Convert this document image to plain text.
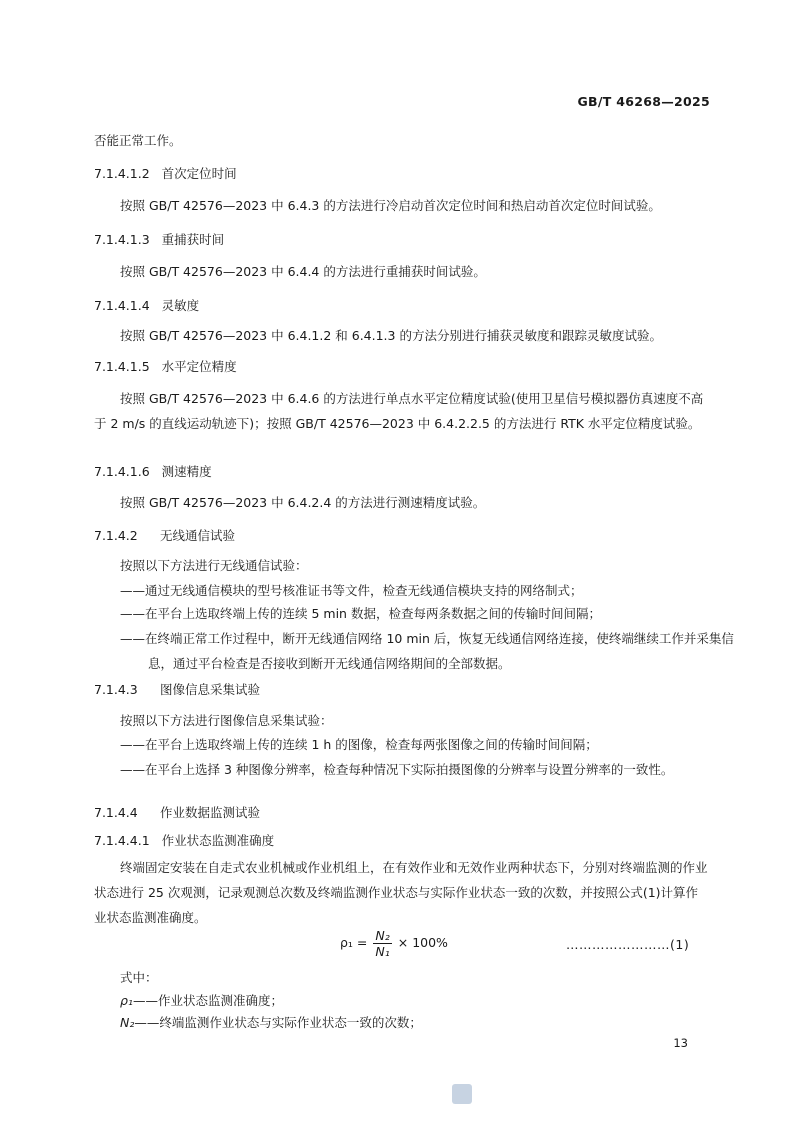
GB/T 46268—2025

否能正常工作。

7.1.4.1.2 首次定位时间

按照 GB/T 42576—2023 中 6.4.3 的方法进行冷启动首次定位时间和热启动首次定位时间试验。

7.1.4.1.3 重捕获时间

按照 GB/T 42576—2023 中 6.4.4 的方法进行重捕获时间试验。

7.1.4.1.4 灵敏度

按照 GB/T 42576—2023 中 6.4.1.2 和 6.4.1.3 的方法分别进行捕获灵敏度和跟踪灵敏度试验。

7.1.4.1.5 水平定位精度

按照 GB/T 42576—2023 中 6.4.6 的方法进行单点水平定位精度试验(使用卫星信号模拟器仿真速度不高于 2 m/s 的直线运动轨迹下)；按照 GB/T 42576—2023 中 6.4.2.2.5 的方法进行 RTK 水平定位精度试验。

7.1.4.1.6 测速精度

按照 GB/T 42576—2023 中 6.4.2.4 的方法进行测速精度试验。

7.1.4.2 无线通信试验

按照以下方法进行无线通信试验：

——通过无线通信模块的型号核准证书等文件，检查无线通信模块支持的网络制式；

——在平台上选取终端上传的连续 5 min 数据，检查每两条数据之间的传输时间间隔；

——在终端正常工作过程中，断开无线通信网络 10 min 后，恢复无线通信网络连接，使终端继续工作并采集信息，通过平台检查是否接收到断开无线通信网络期间的全部数据。

7.1.4.3 图像信息采集试验

按照以下方法进行图像信息采集试验：

——在平台上选取终端上传的连续 1 h 的图像，检查每两张图像之间的传输时间间隔；

——在平台上选择 3 种图像分辨率，检查每种情况下实际拍摄图像的分辨率与设置分辨率的一致性。

7.1.4.4 作业数据监测试验

7.1.4.4.1 作业状态监测准确度

终端固定安装在自走式农业机械或作业机组上，在有效作业和无效作业两种状态下，分别对终端监测的作业状态进行 25 次观测，记录观测总次数及终端监测作业状态与实际作业状态一致的次数，并按照公式(1)计算作业状态监测准确度。

$\rho_1 = \frac{\text{N₂}}{\text{N₁}} \times 100\%$	……………………(1)

式中：

ρ₁——作业状态监测准确度；

N₂——终端监测作业状态与实际作业状态一致的次数；

13
